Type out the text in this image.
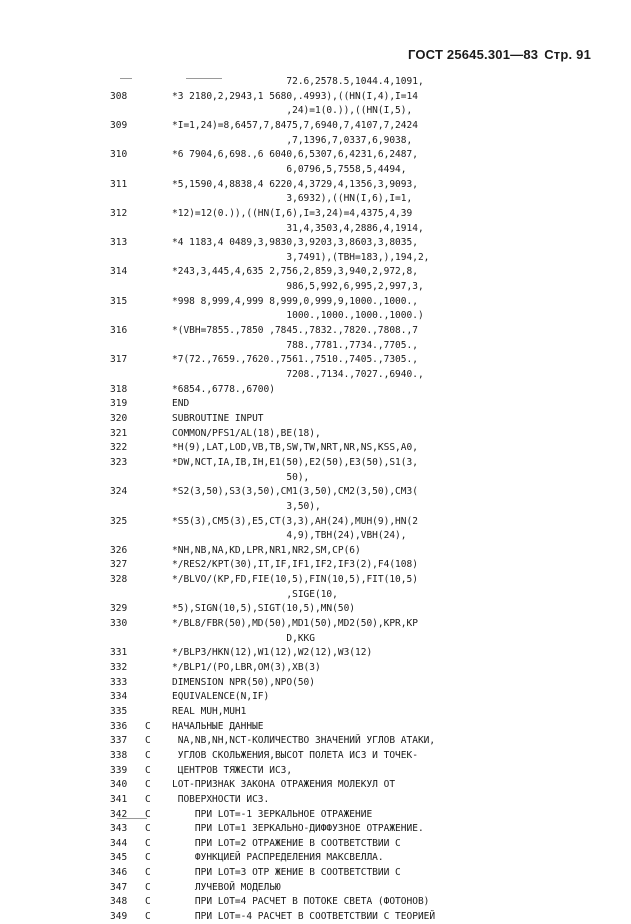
ГОСТ 25645.301—83 Стр. 91
72.6,2578.5,1044.4,1091,
308	*3 2180,2,2943,1 5680,.4993),((HN(I,4),I=14
,24)=1(0.)),((HN(I,5),
309	*I=1,24)=8,6457,7,8475,7,6940,7,4107,7,2424
,7,1396,7,0337,6,9038,
310	*6 7904,6,698.,6 6040,6,5307,6,4231,6,2487,
6,0796,5,7558,5,4494,
311	*5,1590,4,8838,4 6220,4,3729,4,1356,3,9093,
3,6932),((HN(I,6),I=1,
312	*12)=12(0.)),((HN(I,6),I=3,24)=4,4375,4,39
31,4,3503,4,2886,4,1914,
313	*4 1183,4 0489,3,9830,3,9203,3,8603,3,8035,
3,7491),(TBH=183,),194,2,
314	*243,3,445,4,635 2,756,2,859,3,940,2,972,8,
986,5,992,6,995,2,997,3,
315	*998 8,999,4,999 8,999,0,999,9,1000.,1000.,
1000.,1000.,1000.,1000.)
316	*(VBH=7855.,7850 ,7845.,7832.,7820.,7808.,7
788.,7781.,7734.,7705.,
317	*7(72.,7659.,7620.,7561.,7510.,7405.,7305.,
7208.,7134.,7027.,6940.,
318	*6854.,6778.,6700)
319	END
320	SUBROUTINE INPUT
321	COMMON/PFS1/AL(18),BE(18),
322	*H(9),LAT,LOD,VB,TB,SW,TW,NRT,NR,NS,KSS,A0,
323	*DW,NCT,IA,IB,IH,E1(50),E2(50),E3(50),S1(3,
50),
324	*S2(3,50),S3(3,50),CM1(3,50),CM2(3,50),CM3(
3,50),
325	*S5(3),CM5(3),E5,CT(3,3),AH(24),MUH(9),HN(2
4,9),TBH(24),VBH(24),
326	*NH,NB,NA,KD,LPR,NR1,NR2,SM,CP(6)
327	*/RES2/KPT(30),IT,IF,IF1,IF2,IF3(2),F4(108)
328	*/BLVO/(KP,FD,FIE(10,5),FIN(10,5),FIT(10,5)
,SIGE(10,
329	*5),SIGN(10,5),SIGT(10,5),MN(50)
330	*/BL8/FBR(50),MD(50),MD1(50),MD2(50),KPR,KP
D,KKG
331	*/BLP3/HKN(12),W1(12),W2(12),W3(12)
332	*/BLP1/(PO,LBR,OM(3),XB(3)
333	DIMENSION NPR(50),NPO(50)
334	EQUIVALENCE(N,IF)
335	REAL MUH,MUH1
336	C	НАЧАЛЬНЫЕ ДАННЫЕ
337	C	NA,NB,NH,NCT-КОЛИЧЕСТВО ЗНАЧЕНИЙ УГЛОВ АТАКИ,
338	C	УГЛОВ СКОЛЬЖЕНИЯ,ВЫСОТ ПОЛЕТА ИСЗ И ТОЧЕК-
339	C	ЦЕНТРОВ ТЯЖЕСТИ ИСЗ,
340	C	LOT-ПРИЗНАК ЗАКОНА ОТРАЖЕНИЯ МОЛЕКУЛ ОТ
341	C	ПОВЕРХНОСТИ ИСЗ.
342	C	ПРИ LOT=-1 ЗЕРКАЛЬНОЕ ОТРАЖЕНИЕ
343	C	ПРИ LOT=1 ЗЕРКАЛЬНО-ДИФФУЗНОЕ ОТРАЖЕНИЕ.
344	C	ПРИ LOT=2 ОТРАЖЕНИЕ В СООТВЕТСТВИИ С
345	C	ФУНКЦИЕЙ РАСПРЕДЕЛЕНИЯ МАКСВЕЛЛА.
346	C	ПРИ LOT=3 ОТР ЖЕНИЕ В СООТВЕТСТВИИ С
347	C	ЛУЧЕВОЙ МОДЕЛЬЮ
348	C	ПРИ LOT=4 РАСЧЕТ В ПОТОКЕ СВЕТА (ФОТОНОВ)
349	C	ПРИ LOT=-4 РАСЧЕТ В СООТВЕТСТВИИ С ТЕОРИЕЙ
